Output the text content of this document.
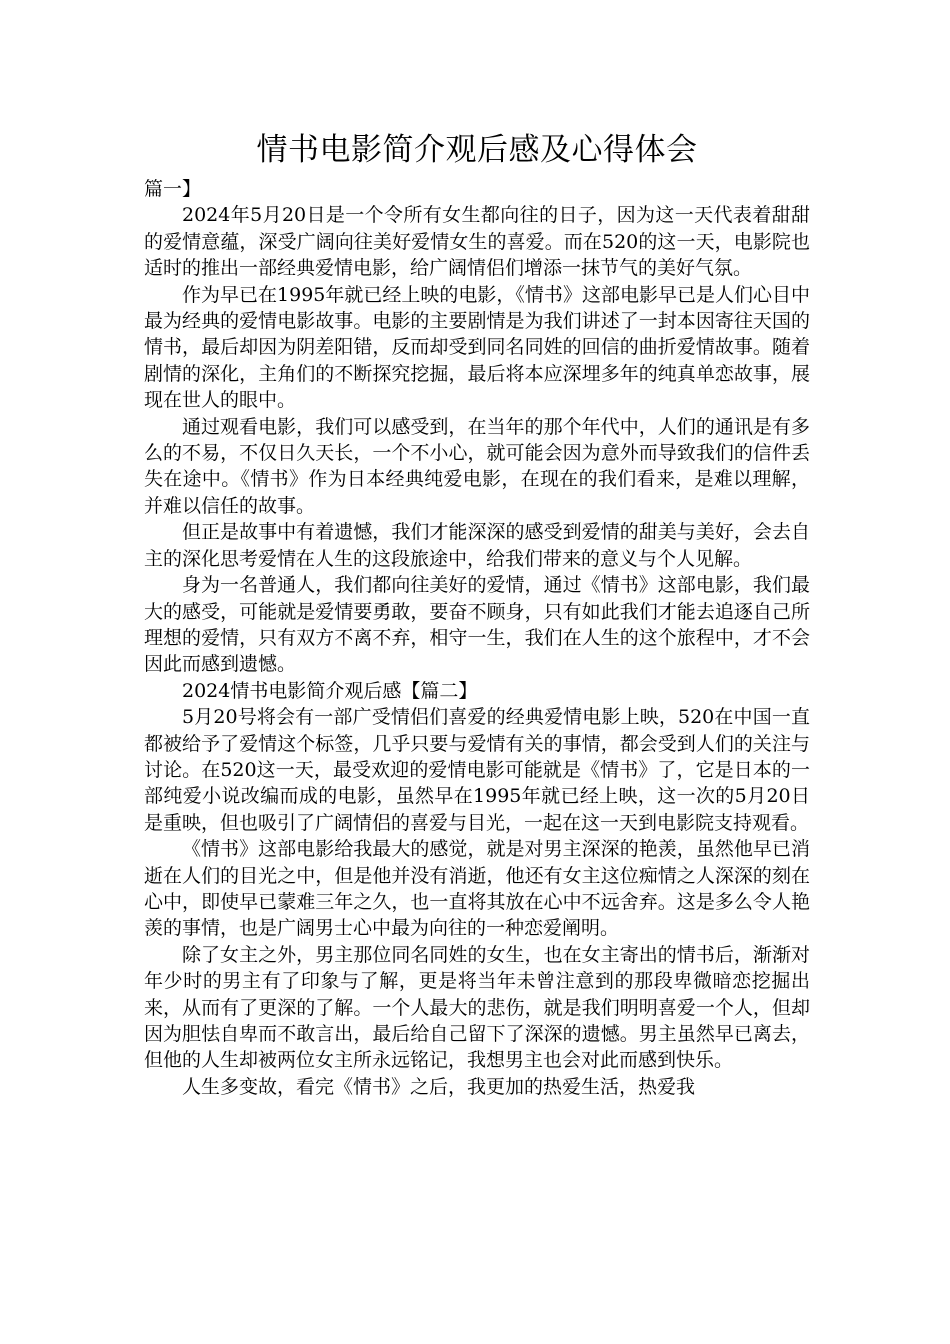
情书电影简介观后感及心得体会

篇一】

2024年5月20日是一个令所有女生都向往的日子，因为这一天代表着甜甜的爱情意蕴，深受广阔向往美好爱情女生的喜爱。而在520的这一天，电影院也适时的推出一部经典爱情电影，给广阔情侣们增添一抹节气的美好气氛。

作为早已在1995年就已经上映的电影，《情书》这部电影早已是人们心目中最为经典的爱情电影故事。电影的主要剧情是为我们讲述了一封本因寄往天国的情书，最后却因为阴差阳错，反而却受到同名同姓的回信的曲折爱情故事。随着剧情的深化，主角们的不断探究挖掘，最后将本应深埋多年的纯真单恋故事，展现在世人的眼中。

通过观看电影，我们可以感受到，在当年的那个年代中，人们的通讯是有多么的不易，不仅日久天长，一个不小心，就可能会因为意外而导致我们的信件丢失在途中。《情书》作为日本经典纯爱电影，在现在的我们看来，是难以理解，并难以信任的故事。

但正是故事中有着遗憾，我们才能深深的感受到爱情的甜美与美好，会去自主的深化思考爱情在人生的这段旅途中，给我们带来的意义与个人见解。

身为一名普通人，我们都向往美好的爱情，通过《情书》这部电影，我们最大的感受，可能就是爱情要勇敢，要奋不顾身，只有如此我们才能去追逐自己所理想的爱情，只有双方不离不弃，相守一生，我们在人生的这个旅程中，才不会因此而感到遗憾。

2024情书电影简介观后感【篇二】

5月20号将会有一部广受情侣们喜爱的经典爱情电影上映，520在中国一直都被给予了爱情这个标签，几乎只要与爱情有关的事情，都会受到人们的关注与讨论。在520这一天，最受欢迎的爱情电影可能就是《情书》了，它是日本的一部纯爱小说改编而成的电影，虽然早在1995年就已经上映，这一次的5月20日是重映，但也吸引了广阔情侣的喜爱与目光，一起在这一天到电影院支持观看。

《情书》这部电影给我最大的感觉，就是对男主深深的艳羡，虽然他早已消逝在人们的目光之中，但是他并没有消逝，他还有女主这位痴情之人深深的刻在心中，即使早已蒙难三年之久，也一直将其放在心中不远舍弃。这是多么令人艳羡的事情，也是广阔男士心中最为向往的一种恋爱阐明。

除了女主之外，男主那位同名同姓的女生，也在女主寄出的情书后，渐渐对年少时的男主有了印象与了解，更是将当年未曾注意到的那段卑微暗恋挖掘出来，从而有了更深的了解。一个人最大的悲伤，就是我们明明喜爱一个人，但却因为胆怯自卑而不敢言出，最后给自己留下了深深的遗憾。男主虽然早已离去，但他的人生却被两位女主所永远铭记，我想男主也会对此而感到快乐。

人生多变故，看完《情书》之后，我更加的热爱生活，热爱我
